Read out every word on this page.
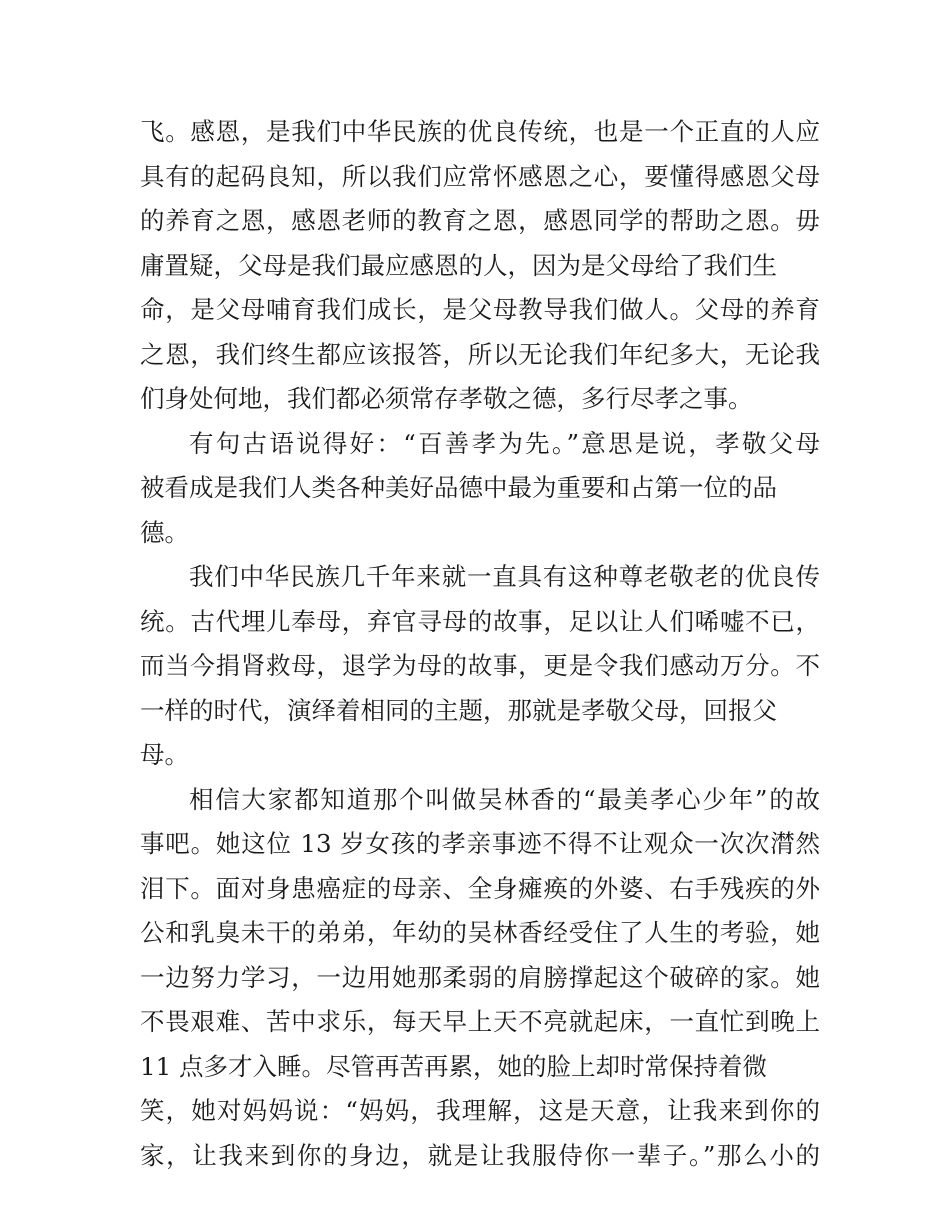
飞。感恩，是我们中华民族的优良传统，也是一个正直的人应
具有的起码良知，所以我们应常怀感恩之心，要懂得感恩父母
的养育之恩，感恩老师的教育之恩，感恩同学的帮助之恩。毋
庸置疑，父母是我们最应感恩的人，因为是父母给了我们生
命，是父母哺育我们成长，是父母教导我们做人。父母的养育
之恩，我们终生都应该报答，所以无论我们年纪多大，无论我
们身处何地，我们都必须常存孝敬之德，多行尽孝之事。
有句古语说得好：“百善孝为先。”意思是说，孝敬父母
被看成是我们人类各种美好品德中最为重要和占第一位的品
德。
我们中华民族几千年来就一直具有这种尊老敬老的优良传
统。古代埋儿奉母，弃官寻母的故事，足以让人们唏嘘不已，
而当今捐肾救母，退学为母的故事，更是令我们感动万分。不
一样的时代，演绎着相同的主题，那就是孝敬父母，回报父
母。
相信大家都知道那个叫做吴林香的“最美孝心少年”的故
事吧。她这位 13 岁女孩的孝亲事迹不得不让观众一次次潸然
泪下。面对身患癌症的母亲、全身瘫痪的外婆、右手残疾的外
公和乳臭未干的弟弟，年幼的吴林香经受住了人生的考验，她
一边努力学习，一边用她那柔弱的肩膀撑起这个破碎的家。她
不畏艰难、苦中求乐，每天早上天不亮就起床，一直忙到晚上
11 点多才入睡。尽管再苦再累，她的脸上却时常保持着微
笑，她对妈妈说：“妈妈，我理解，这是天意，让我来到你的
家，让我来到你的身边，就是让我服侍你一辈子。”那么小的
